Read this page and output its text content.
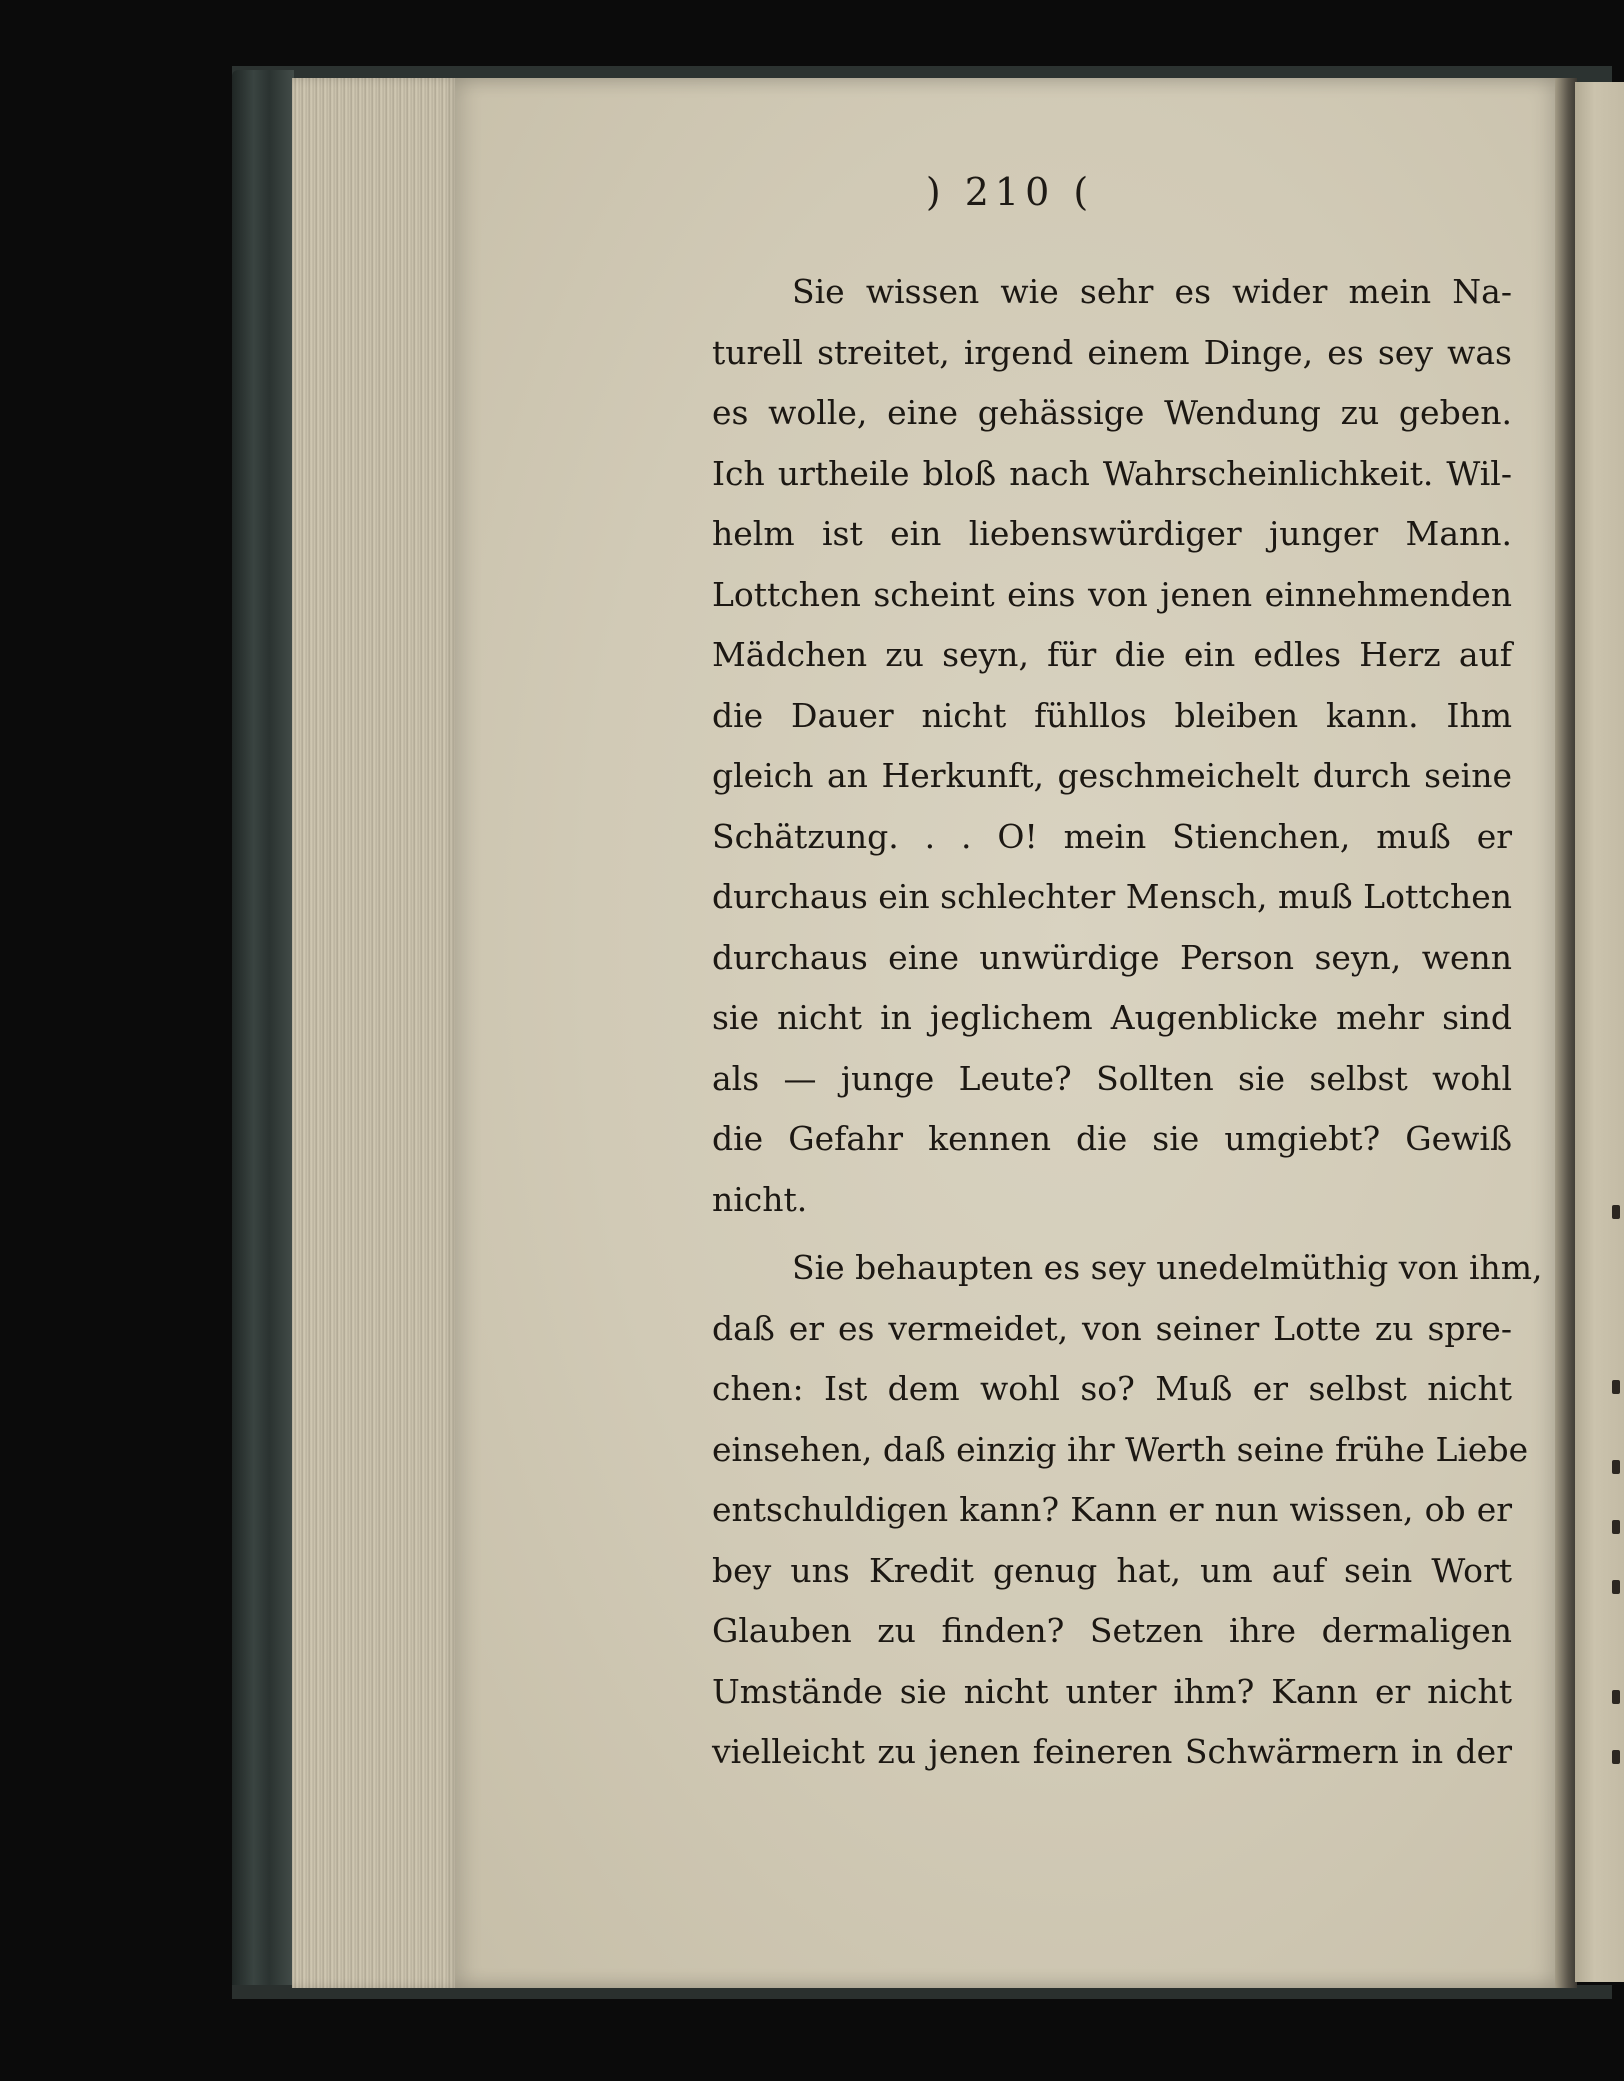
) 210 (
Sie wissen wie sehr es wider mein Na-
turell streitet, irgend einem Dinge, es sey was
es wolle, eine gehässige Wendung zu geben.
Ich urtheile bloß nach Wahrscheinlichkeit. Wil-
helm ist ein liebenswürdiger junger Mann.
Lottchen scheint eins von jenen einnehmenden
Mädchen zu seyn, für die ein edles Herz auf
die Dauer nicht fühllos bleiben kann. Ihm
gleich an Herkunft, geschmeichelt durch seine
Schätzung. . . O! mein Stienchen, muß er
durchaus ein schlechter Mensch, muß Lottchen
durchaus eine unwürdige Person seyn, wenn
sie nicht in jeglichem Augenblicke mehr sind
als — junge Leute? Sollten sie selbst wohl
die Gefahr kennen die sie umgiebt? Gewiß
nicht.
Sie behaupten es sey unedelmüthig von ihm,
daß er es vermeidet, von seiner Lotte zu spre-
chen: Ist dem wohl so? Muß er selbst nicht
einsehen, daß einzig ihr Werth seine frühe Liebe
entschuldigen kann? Kann er nun wissen, ob er
bey uns Kredit genug hat, um auf sein Wort
Glauben zu finden? Setzen ihre dermaligen
Umstände sie nicht unter ihm? Kann er nicht
vielleicht zu jenen feineren Schwärmern in der
